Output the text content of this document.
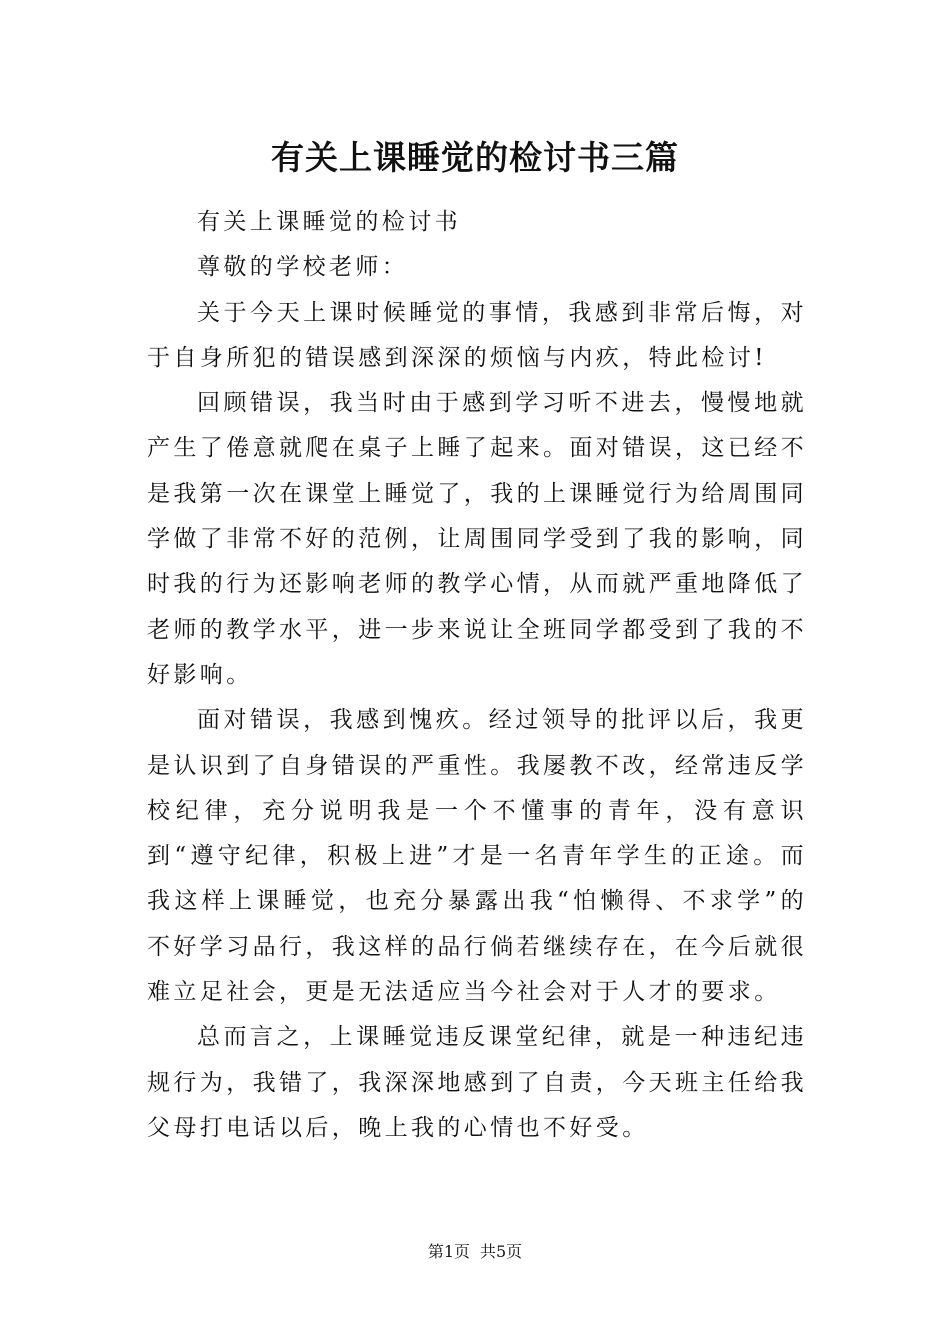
有关上课睡觉的检讨书三篇

有关上课睡觉的检讨书

尊敬的学校老师：

关于今天上课时候睡觉的事情，我感到非常后悔，对于自身所犯的错误感到深深的烦恼与内疚，特此检讨!

回顾错误，我当时由于感到学习听不进去，慢慢地就产生了倦意就爬在桌子上睡了起来。面对错误，这已经不是我第一次在课堂上睡觉了，我的上课睡觉行为给周围同学做了非常不好的范例，让周围同学受到了我的影响，同时我的行为还影响老师的教学心情，从而就严重地降低了老师的教学水平，进一步来说让全班同学都受到了我的不好影响。

面对错误，我感到愧疚。经过领导的批评以后，我更是认识到了自身错误的严重性。我屡教不改，经常违反学校纪律，充分说明我是一个不懂事的青年，没有意识到“遵守纪律，积极上进”才是一名青年学生的正途。而我这样上课睡觉，也充分暴露出我“怕懒得、不求学”的不好学习品行，我这样的品行倘若继续存在，在今后就很难立足社会，更是无法适应当今社会对于人才的要求。

总而言之，上课睡觉违反课堂纪律，就是一种违纪违规行为，我错了，我深深地感到了自责，今天班主任给我父母打电话以后，晚上我的心情也不好受。

第1页 共5页
